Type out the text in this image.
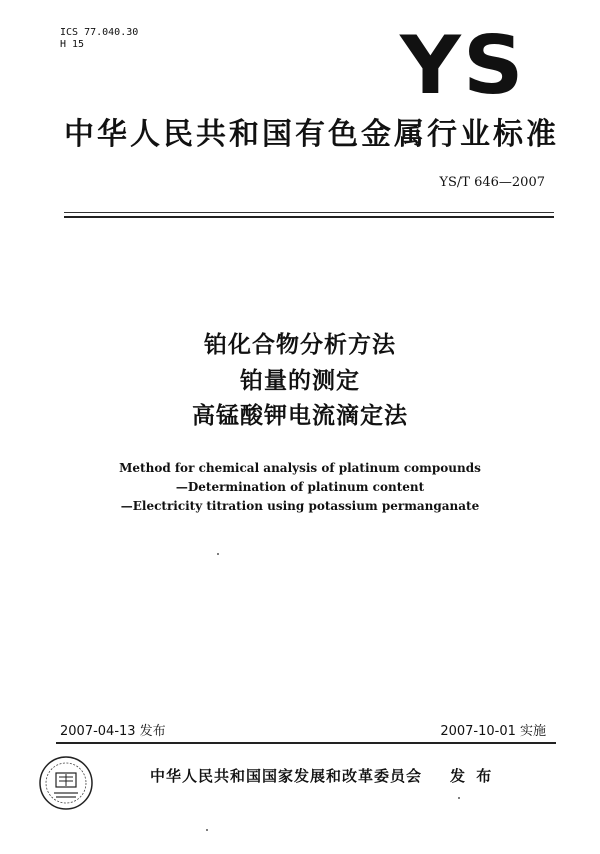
ICS 77.040.30
H 15	YS
中华人民共和国有色金属行业标准
YS/T 646—2007
铂化合物分析方法
铂量的测定
高锰酸钾电流滴定法
Method for chemical analysis of platinum compounds
—Determination of platinum content
—Electricity titration using potassium permanganate
2007-04-13 发布	2007-10-01 实施
中华人民共和国国家发展和改革委员会 发 布
